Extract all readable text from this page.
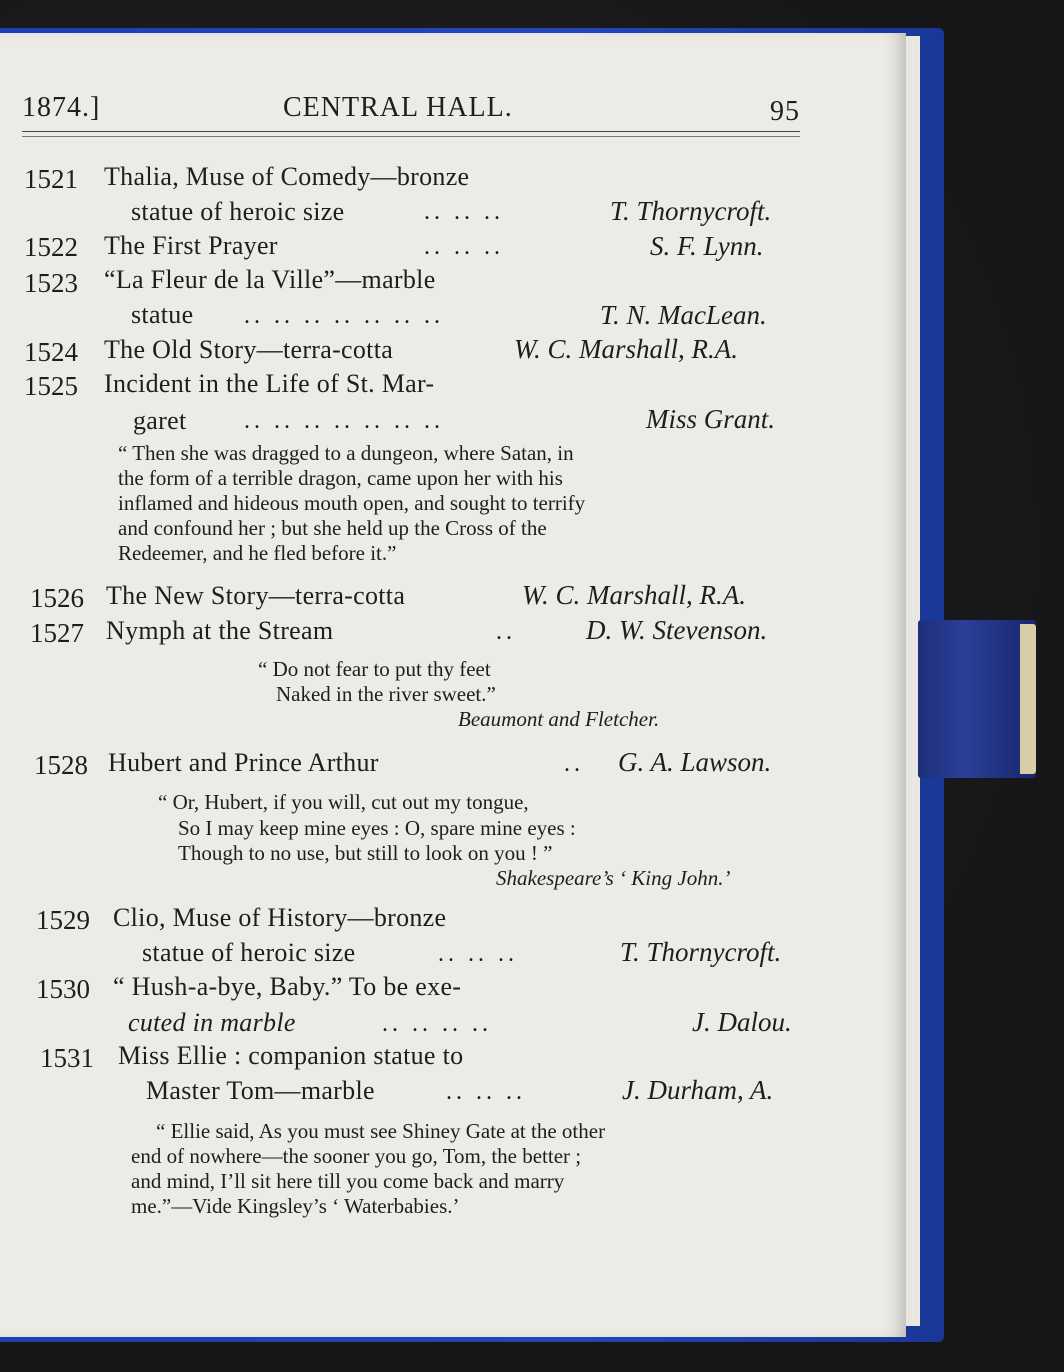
1874.]	CENTRAL HALL.	95
1521 Thalia, Muse of Comedy—bronze
statue of heroic size	.. .. ..	T. Thornycroft.
1522 The First Prayer	.. .. ..	S. F. Lynn.
1523 “La Fleur de la Ville”—marble
statue .. .. .. .. .. .. ..	T. N. MacLean.
1524 The Old Story—terra-cotta	W. C. Marshall, R.A.
1525 Incident in the Life of St. Mar-
garet .. .. .. .. .. .. ..	Miss Grant.
“ Then she was dragged to a dungeon, where Satan, in
the form of a terrible dragon, came upon her with his
inflamed and hideous mouth open, and sought to terrify
and confound her ; but she held up the Cross of the
Redeemer, and he fled before it.”
1526 The New Story—terra-cotta	W. C. Marshall, R.A.
1527 Nymph at the Stream	..	D. W. Stevenson.
“ Do not fear to put thy feet
Naked in the river sweet.”
Beaumont and Fletcher.
1528 Hubert and Prince Arthur	.. G. A. Lawson.
“ Or, Hubert, if you will, cut out my tongue,
So I may keep mine eyes : O, spare mine eyes :
Though to no use, but still to look on you ! ”
Shakespeare’s ‘ King John.’
1529 Clio, Muse of History—bronze
statue of heroic size	.. .. ..	T. Thornycroft.
1530 “ Hush-a-bye, Baby.” To be exe-
cuted in marble	.. .. .. ..	J. Dalou.
1531 Miss Ellie : companion statue to
Master Tom—marble	.. .. ..	J. Durham, A.
“ Ellie said, As you must see Shiney Gate at the other
end of nowhere—the sooner you go, Tom, the better ;
and mind, I’ll sit here till you come back and marry
me.”—Vide Kingsley’s ‘ Waterbabies.’
